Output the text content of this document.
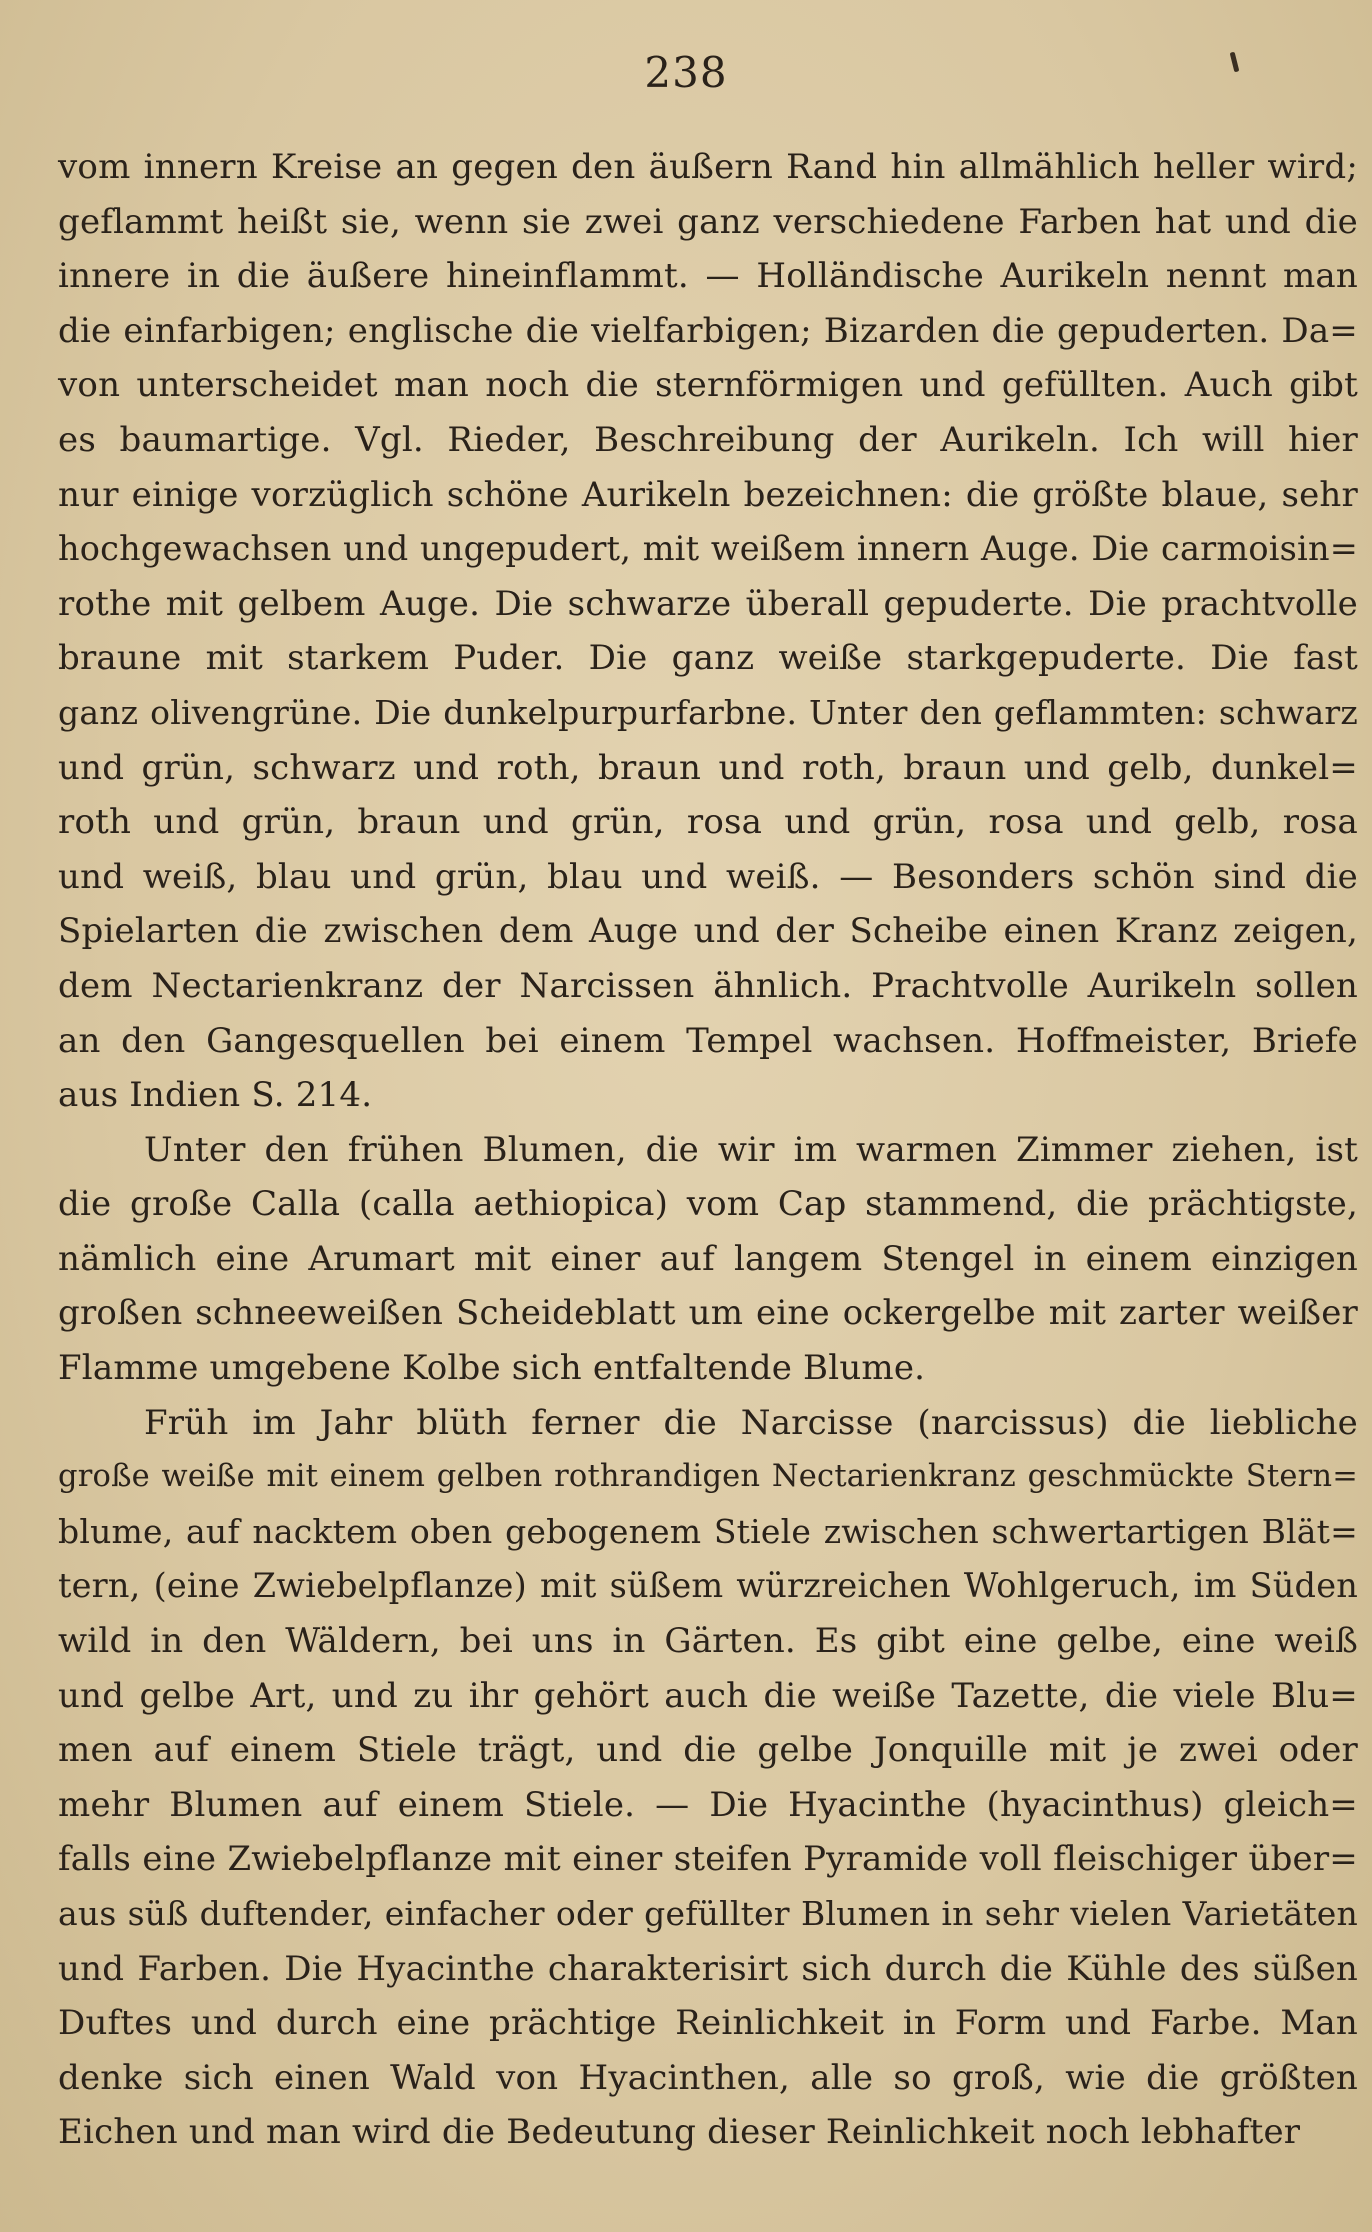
238
vom innern Kreise an gegen den äußern Rand hin allmählich heller wird;
geflammt heißt sie, wenn sie zwei ganz verschiedene Farben hat und die
innere in die äußere hineinflammt. — Holländische Aurikeln nennt man
die einfarbigen; englische die vielfarbigen; Bizarden die gepuderten. Da=
von unterscheidet man noch die sternförmigen und gefüllten. Auch gibt
es baumartige. Vgl. Rieder, Beschreibung der Aurikeln. Ich will hier
nur einige vorzüglich schöne Aurikeln bezeichnen: die größte blaue, sehr
hochgewachsen und ungepudert, mit weißem innern Auge. Die carmoisin=
rothe mit gelbem Auge. Die schwarze überall gepuderte. Die prachtvolle
braune mit starkem Puder. Die ganz weiße starkgepuderte. Die fast
ganz olivengrüne. Die dunkelpurpurfarbne. Unter den geflammten: schwarz
und grün, schwarz und roth, braun und roth, braun und gelb, dunkel=
roth und grün, braun und grün, rosa und grün, rosa und gelb, rosa
und weiß, blau und grün, blau und weiß. — Besonders schön sind die
Spielarten die zwischen dem Auge und der Scheibe einen Kranz zeigen,
dem Nectarienkranz der Narcissen ähnlich. Prachtvolle Aurikeln sollen
an den Gangesquellen bei einem Tempel wachsen. Hoffmeister, Briefe
aus Indien S. 214.
Unter den frühen Blumen, die wir im warmen Zimmer ziehen, ist
die große Calla (calla aethiopica) vom Cap stammend, die prächtigste,
nämlich eine Arumart mit einer auf langem Stengel in einem einzigen
großen schneeweißen Scheideblatt um eine ockergelbe mit zarter weißer
Flamme umgebene Kolbe sich entfaltende Blume.
Früh im Jahr blüth ferner die Narcisse (narcissus) die liebliche
große weiße mit einem gelben rothrandigen Nectarienkranz geschmückte Stern=
blume, auf nacktem oben gebogenem Stiele zwischen schwertartigen Blät=
tern, (eine Zwiebelpflanze) mit süßem würzreichen Wohlgeruch, im Süden
wild in den Wäldern, bei uns in Gärten. Es gibt eine gelbe, eine weiß
und gelbe Art, und zu ihr gehört auch die weiße Tazette, die viele Blu=
men auf einem Stiele trägt, und die gelbe Jonquille mit je zwei oder
mehr Blumen auf einem Stiele. — Die Hyacinthe (hyacinthus) gleich=
falls eine Zwiebelpflanze mit einer steifen Pyramide voll fleischiger über=
aus süß duftender, einfacher oder gefüllter Blumen in sehr vielen Varietäten
und Farben. Die Hyacinthe charakterisirt sich durch die Kühle des süßen
Duftes und durch eine prächtige Reinlichkeit in Form und Farbe. Man
denke sich einen Wald von Hyacinthen, alle so groß, wie die größten
Eichen und man wird die Bedeutung dieser Reinlichkeit noch lebhafter
